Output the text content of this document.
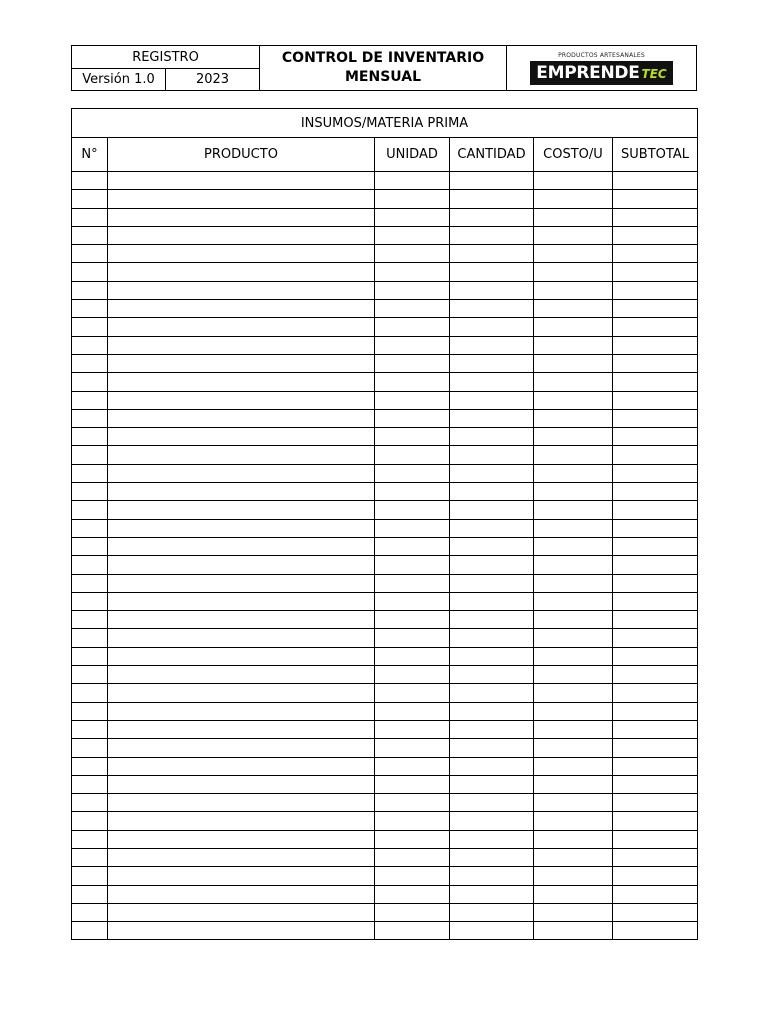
REGISTRO
Versión 1.0	2023
CONTROL DE INVENTARIO MENSUAL
PRODUCTOS ARTESANALES
EMPRENDE TEC
INSUMOS/MATERIA PRIMA					
N°	PRODUCTO	UNIDAD	CANTIDAD	COSTO/U	SUBTOTAL
